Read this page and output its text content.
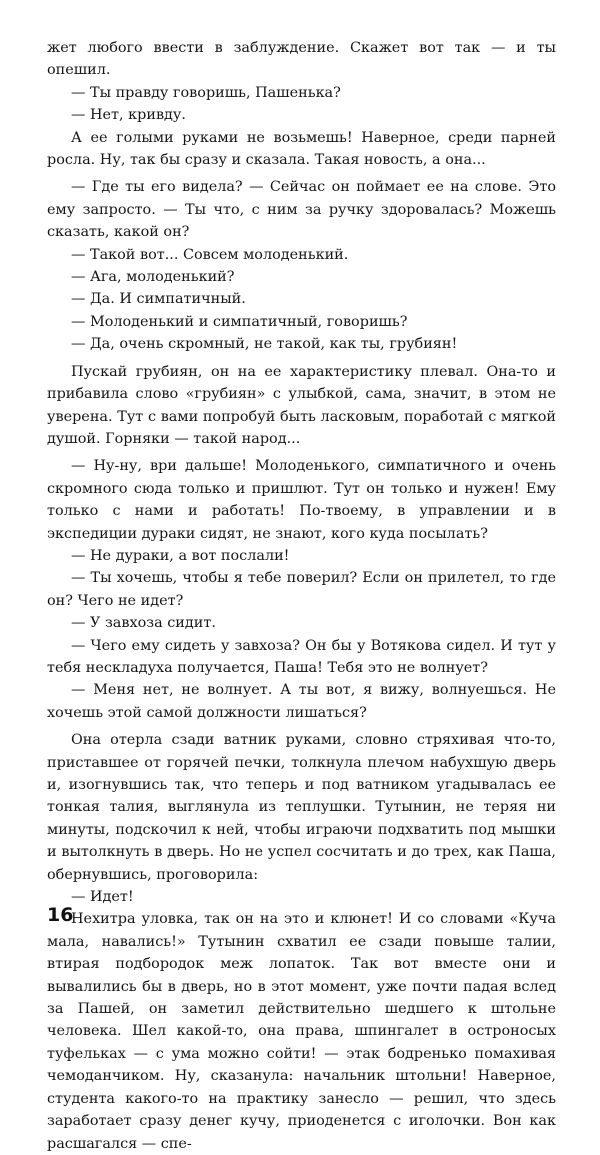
жет любого ввести в заблуждение. Скажет вот так — и ты опешил.
— Ты правду говоришь, Пашенька?
— Нет, кривду.
А ее голыми руками не возьмешь! Наверное, среди парней росла. Ну, так бы сразу и сказала. Такая новость, а она...
— Где ты его видела? — Сейчас он поймает ее на слове. Это ему запросто. — Ты что, с ним за ручку здоровалась? Можешь сказать, какой он?
— Такой вот... Совсем молоденький.
— Ага, молоденький?
— Да. И симпатичный.
— Молоденький и симпатичный, говоришь?
— Да, очень скромный, не такой, как ты, грубиян!
Пускай грубиян, он на ее характеристику плевал. Она-то и прибавила слово «грубиян» с улыбкой, сама, значит, в этом не уверена. Тут с вами попробуй быть ласковым, поработай с мягкой душой. Горняки — такой народ...
— Ну-ну, ври дальше! Молоденького, симпатичного и очень скромного сюда только и пришлют. Тут он только и нужен! Ему только с нами и работать! По-твоему, в управлении и в экспедиции дураки сидят, не знают, кого куда посылать?
— Не дураки, а вот послали!
— Ты хочешь, чтобы я тебе поверил? Если он прилетел, то где он? Чего не идет?
— У завхоза сидит.
— Чего ему сидеть у завхоза? Он бы у Вотякова сидел. И тут у тебя нескладуха получается, Паша! Тебя это не волнует?
— Меня нет, не волнует. А ты вот, я вижу, волнуешься. Не хочешь этой самой должности лишаться?
Она отерла сзади ватник руками, словно стряхивая что-то, приставшее от горячей печки, толкнула плечом набухшую дверь и, изогнувшись так, что теперь и под ватником угадывалась ее тонкая талия, выглянула из теплушки. Тутынин, не теряя ни минуты, подскочил к ней, чтобы играючи подхватить под мышки и вытолкнуть в дверь. Но не успел сосчитать и до трех, как Паша, обернувшись, проговорила:
— Идет!
Нехитра уловка, так он на это и клюнет! И со словами «Куча мала, навались!» Тутынин схватил ее сзади повыше талии, втирая подбородок меж лопаток. Так вот вместе они и вывалились бы в дверь, но в этот момент, уже почти падая вслед за Пашей, он заметил действительно шедшего к штольне человека. Шел какой-то, она права, шпингалет в остроносых туфельках — с ума можно сойти! — этак бодренько помахивая чемоданчиком. Ну, сказанула: начальник штольни! Наверное, студента какого-то на практику занесло — решил, что здесь заработает сразу денег кучу, приоденется с иголочки. Вон как расшагался — спе-
16
